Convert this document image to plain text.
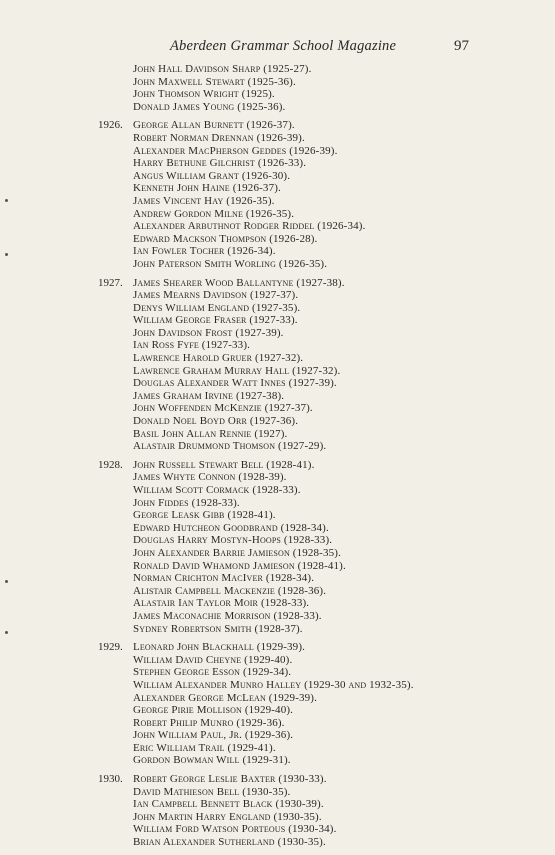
Aberdeen Grammar School Magazine	97
John Hall Davidson Sharp (1925-27).
John Maxwell Stewart (1925-36).
John Thomson Wright (1925).
Donald James Young (1925-36).
1926. George Allan Burnett (1926-37).
Robert Norman Drennan (1926-39).
Alexander MacPherson Geddes (1926-39).
Harry Bethune Gilchrist (1926-33).
Angus William Grant (1926-30).
Kenneth John Haine (1926-37).
James Vincent Hay (1926-35).
Andrew Gordon Milne (1926-35).
Alexander Arbuthnot Rodger Riddel (1926-34).
Edward Mackson Thompson (1926-28).
Ian Fowler Tocher (1926-34).
John Paterson Smith Worling (1926-35).
1927. James Shearer Wood Ballantyne (1927-38).
James Mearns Davidson (1927-37).
Denys William England (1927-35).
William George Fraser (1927-33).
John Davidson Frost (1927-39).
Ian Ross Fyfe (1927-33).
Lawrence Harold Gruer (1927-32).
Lawrence Graham Murray Hall (1927-32).
Douglas Alexander Watt Innes (1927-39).
James Graham Irvine (1927-38).
John Woffenden McKenzie (1927-37).
Donald Noel Boyd Orr (1927-36).
Basil John Allan Rennie (1927).
Alastair Drummond Thomson (1927-29).
1928. John Russell Stewart Bell (1928-41).
James Whyte Connon (1928-39).
William Scott Cormack (1928-33).
John Fiddes (1928-33).
George Leask Gibb (1928-41).
Edward Hutcheon Goodbrand (1928-34).
Douglas Harry Mostyn-Hoops (1928-33).
John Alexander Barrie Jamieson (1928-35).
Ronald David Whamond Jamieson (1928-41).
Norman Crichton MacIver (1928-34).
Alistair Campbell Mackenzie (1928-36).
Alastair Ian Taylor Moir (1928-33).
James Maconachie Morrison (1928-33).
Sydney Robertson Smith (1928-37).
1929. Leonard John Blackhall (1929-39).
William David Cheyne (1929-40).
Stephen George Esson (1929-34).
William Alexander Munro Halley (1929-30 and 1932-35).
Alexander George McLean (1929-39).
George Pirie Mollison (1929-40).
Robert Philip Munro (1929-36).
John William Paul, Jr. (1929-36).
Eric William Trail (1929-41).
Gordon Bowman Will (1929-31).
1930. Robert George Leslie Baxter (1930-33).
David Mathieson Bell (1930-35).
Ian Campbell Bennett Black (1930-39).
John Martin Harry England (1930-35).
William Ford Watson Porteous (1930-34).
Brian Alexander Sutherland (1930-35).
